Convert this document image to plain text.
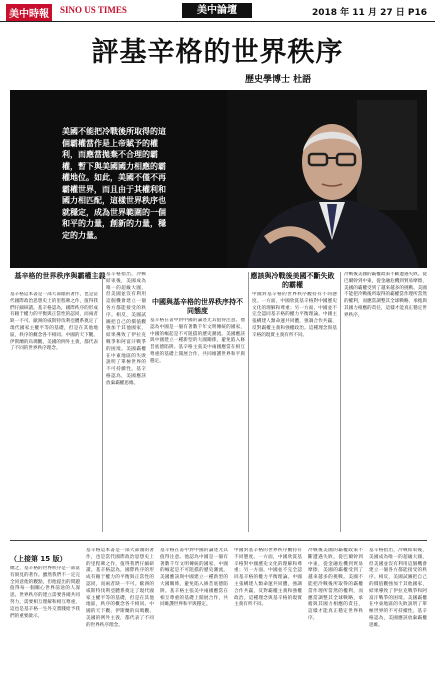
美中時報	SINO US TIMES	美中論壇	2018 年 11 月 27 日 P16
評基辛格的世界秩序
歷史學博士 杜語
美國不能把冷戰後所取得的這個霸權當作是上帝賦予的權利，而應當拋棄不合理的霸權，暫下與美國國力相應的霸權地位。如此，美國不僅不再霸權世界，而且由于其權利和國力相匹配，這樣世界秩序也就穩定，成為世界範圍的一個和平的力量，創新的力量，穩定的力量。
基辛格的世界秩序與霸權主義
中國與基辛格的世界秩序持不同態度
應該與冷戰後美國不斷失敗的霸權
基辛格這本書是一部大部頭的著作，也是當代國際政治思想史上的里程碑之作，值得我們仔細研讀。基辛格認為，國際秩序的形成有賴于權力的平衡與正當性的認同，而兩者缺一不可。歐洲的威斯特伐利亞體系奠定了現代國家主權平等的基礎，但是在其他地區，秩序的概念各不相同。中國的天下觀、伊斯蘭的烏瑪觀、美國的例外主義，都代表了不同的世界秩序理念。
基辛格指出，冷戰結束後，美國成為唯一的超級大國，但美國並沒有利用這個機會建立一個各方都能接受的秩序。相反，美國試圖把自己的價值觀強加于其他國家，結果導致了伊拉克戰爭和阿富汗戰爭的困境。美國霸權在中東地區的失敗說明了單極世界的不可持續性。基辛格認為，美國應該放棄霸權思維。
基辛格在書中對中國的論述尤其值得注意。他認為中國是一個有著數千年文明傳統的國家，中國的崛起是不可阻擋的歷史潮流。美國應該與中國建立一種新型的大國關係，避免陷入修昔底德陷阱。基辛格主張美中兩國應當在相互尊重的基礎上開展合作，共同維護世界和平與穩定。
中國對基辛格的世界秩序觀持有不同態度。一方面，中國欣賞基辛格對中國歷史文化的理解和尊重；另一方面，中國並不完全認同基辛格的權力平衡理論。中國主張構建人類命運共同體，強調合作共贏，反對霸權主義和強權政治。這種理念與基辛格的現實主義有所不同。
冷戰後美國的霸權政策不斷遭遇失敗。從巴爾幹到中東，從金融危機到貿易摩擦，美國的霸權受到了越來越多的挑戰。美國不能把冷戰後所取得的霸權當作理所當然的權利，而應當調整其全球戰略，承擔與其國力相應的責任，這樣才能真正穩定世界秩序。
（上接第 15 版）
總之，基辛格的世界秩序是一部富有洞見的著作。雖然我們不一定完全同意他的觀點，但他提出的問題值得每一個關心世界前途的人深思。世界秩序的建立需要各國共同努力，需要相互理解和相互尊重，這也是基辛格一生外交實踐給予我們的重要啟示。
基辛格這本書是一部大部頭的著作，也是當代國際政治思想史上的里程碑之作，值得我們仔細研讀。基辛格認為，國際秩序的形成有賴于權力的平衡與正當性的認同，而兩者缺一不可。歐洲的威斯特伐利亞體系奠定了現代國家主權平等的基礎，但是在其他地區，秩序的概念各不相同。中國的天下觀、伊斯蘭的烏瑪觀、美國的例外主義，都代表了不同的世界秩序理念。
基辛格在書中對中國的論述尤其值得注意。他認為中國是一個有著數千年文明傳統的國家，中國的崛起是不可阻擋的歷史潮流。美國應該與中國建立一種新型的大國關係，避免陷入修昔底德陷阱。基辛格主張美中兩國應當在相互尊重的基礎上開展合作，共同維護世界和平與穩定。
中國對基辛格的世界秩序觀持有不同態度。一方面，中國欣賞基辛格對中國歷史文化的理解和尊重；另一方面，中國並不完全認同基辛格的權力平衡理論。中國主張構建人類命運共同體，強調合作共贏，反對霸權主義和強權政治。這種理念與基辛格的現實主義有所不同。
冷戰後美國的霸權政策不斷遭遇失敗。從巴爾幹到中東，從金融危機到貿易摩擦，美國的霸權受到了越來越多的挑戰。美國不能把冷戰後所取得的霸權當作理所當然的權利，而應當調整其全球戰略，承擔與其國力相應的責任，這樣才能真正穩定世界秩序。
基辛格指出，冷戰結束後，美國成為唯一的超級大國，但美國並沒有利用這個機會建立一個各方都能接受的秩序。相反，美國試圖把自己的價值觀強加于其他國家，結果導致了伊拉克戰爭和阿富汗戰爭的困境。美國霸權在中東地區的失敗說明了單極世界的不可持續性。基辛格認為，美國應該放棄霸權思維。
